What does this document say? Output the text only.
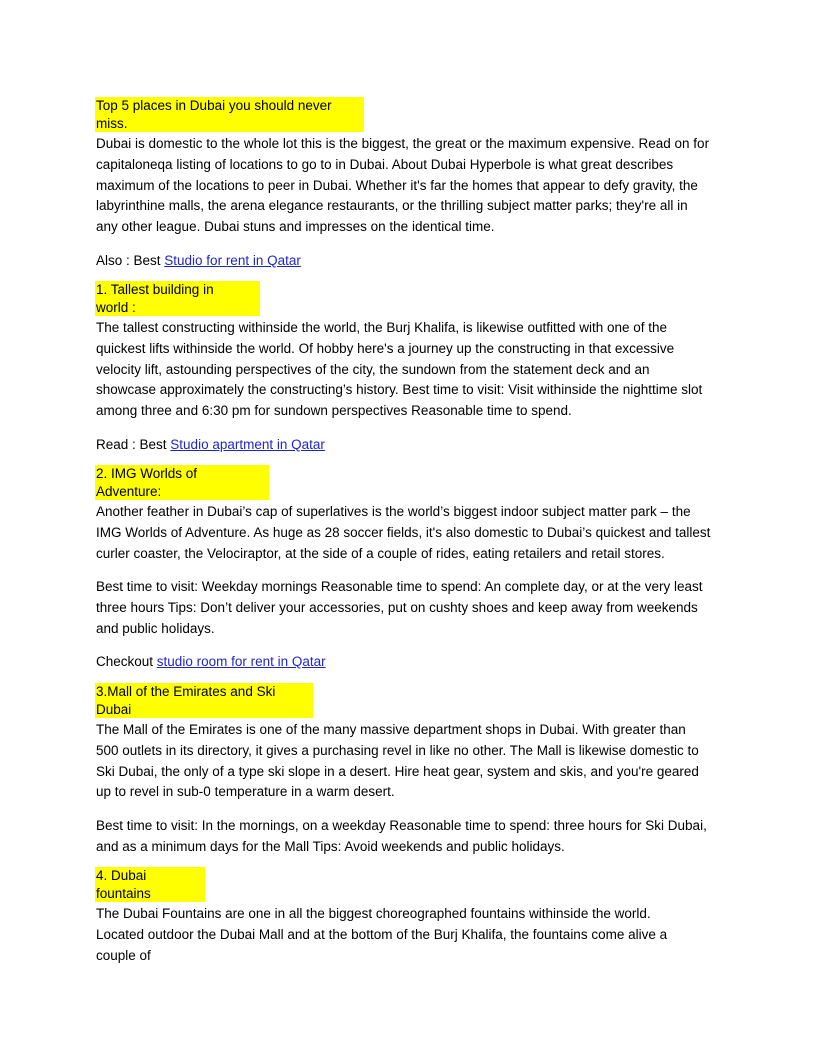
Top 5 places in Dubai you should never
miss.
Dubai is domestic to the whole lot this is the biggest, the great or the maximum expensive. Read on for
capitaloneqa listing of locations to go to in Dubai. About Dubai Hyperbole is what great describes
maximum of the locations to peer in Dubai. Whether it's far the homes that appear to defy gravity, the
labyrinthine malls, the arena elegance restaurants, or the thrilling subject matter parks; they're all in
any other league. Dubai stuns and impresses on the identical time.
Also : Best Studio for rent in Qatar
1. Tallest building in
world :
The tallest constructing withinside the world, the Burj Khalifa, is likewise outfitted with one of the
quickest lifts withinside the world. Of hobby here's a journey up the constructing in that excessive
velocity lift, astounding perspectives of the city, the sundown from the statement deck and an
showcase approximately the constructing’s history. Best time to visit: Visit withinside the nighttime slot
among three and 6:30 pm for sundown perspectives Reasonable time to spend.
Read : Best Studio apartment in Qatar
2. IMG Worlds of
Adventure:
Another feather in Dubai’s cap of superlatives is the world’s biggest indoor subject matter park – the
IMG Worlds of Adventure. As huge as 28 soccer fields, it's also domestic to Dubai’s quickest and tallest
curler coaster, the Velociraptor, at the side of a couple of rides, eating retailers and retail stores.
Best time to visit: Weekday mornings Reasonable time to spend: An complete day, or at the very least
three hours Tips: Don’t deliver your accessories, put on cushty shoes and keep away from weekends
and public holidays.
Checkout studio room for rent in Qatar
3.Mall of the Emirates and Ski
Dubai
The Mall of the Emirates is one of the many massive department shops in Dubai. With greater than
500 outlets in its directory, it gives a purchasing revel in like no other. The Mall is likewise domestic to
Ski Dubai, the only of a type ski slope in a desert. Hire heat gear, system and skis, and you're geared
up to revel in sub-0 temperature in a warm desert.
Best time to visit: In the mornings, on a weekday Reasonable time to spend: three hours for Ski Dubai,
and as a minimum days for the Mall Tips: Avoid weekends and public holidays.
4. Dubai
fountains
The Dubai Fountains are one in all the biggest choreographed fountains withinside the world.
Located outdoor the Dubai Mall and at the bottom of the Burj Khalifa, the fountains come alive a
couple of
